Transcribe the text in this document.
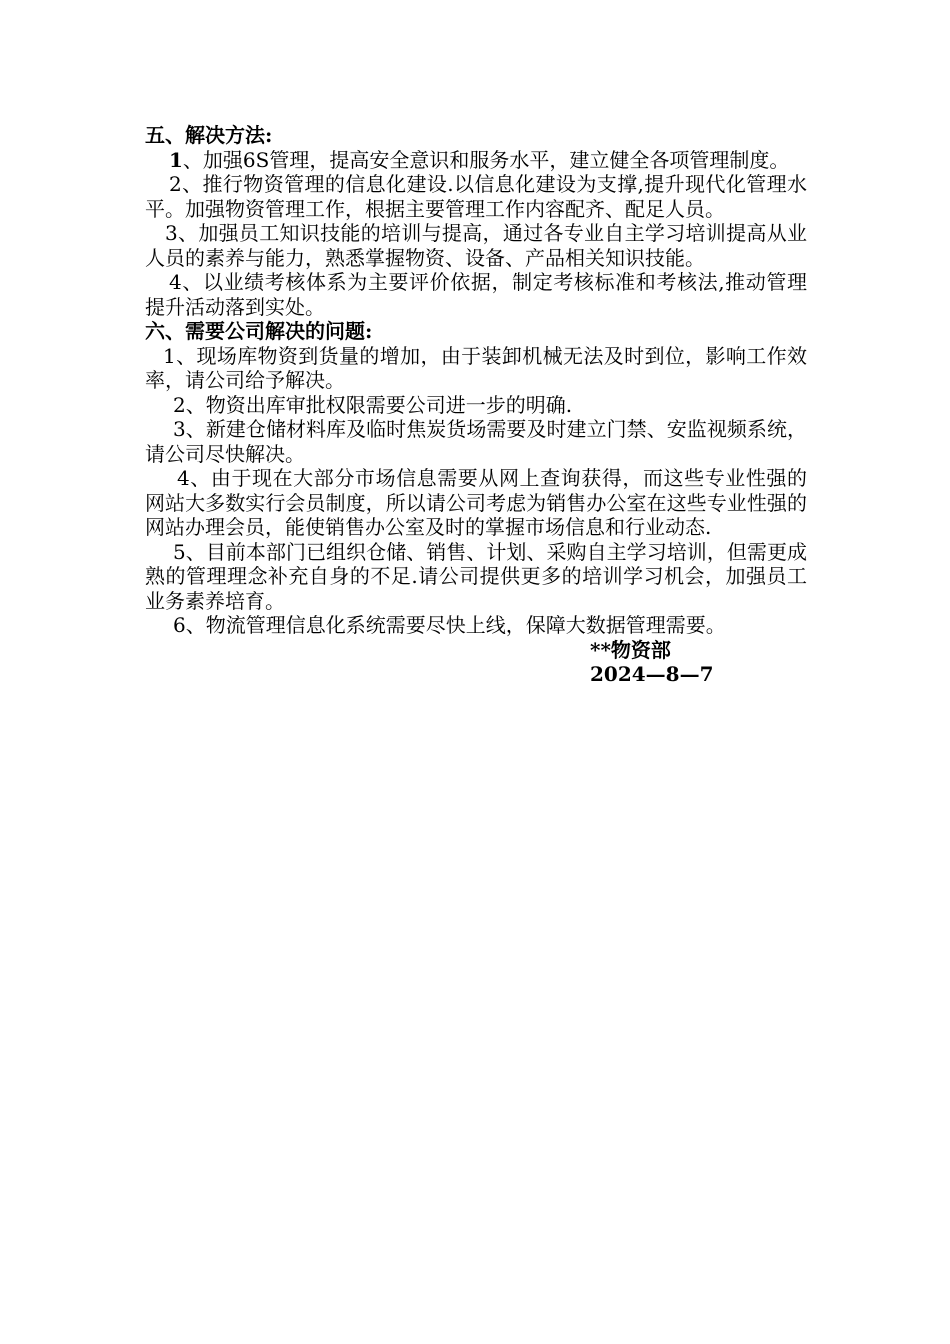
五、解决方法:

1、加强6S管理，提高安全意识和服务水平，建立健全各项管理制度。

2、推行物资管理的信息化建设.以信息化建设为支撑,提升现代化管理水平。加强物资管理工作，根据主要管理工作内容配齐、配足人员。

3、加强员工知识技能的培训与提高，通过各专业自主学习培训提高从业人员的素养与能力，熟悉掌握物资、设备、产品相关知识技能。

4、以业绩考核体系为主要评价依据，制定考核标准和考核法,推动管理提升活动落到实处。

六、需要公司解决的问题:

1、现场库物资到货量的增加，由于装卸机械无法及时到位，影响工作效率，请公司给予解决。

2、物资出库审批权限需要公司进一步的明确.

3、新建仓储材料库及临时焦炭货场需要及时建立门禁、安监视频系统，请公司尽快解决。

4、由于现在大部分市场信息需要从网上查询获得，而这些专业性强的网站大多数实行会员制度，所以请公司考虑为销售办公室在这些专业性强的网站办理会员，能使销售办公室及时的掌握市场信息和行业动态.

5、目前本部门已组织仓储、销售、计划、采购自主学习培训，但需更成熟的管理理念补充自身的不足.请公司提供更多的培训学习机会，加强员工业务素养培育。

6、物流管理信息化系统需要尽快上线，保障大数据管理需要。

**物资部

2024—8—7
